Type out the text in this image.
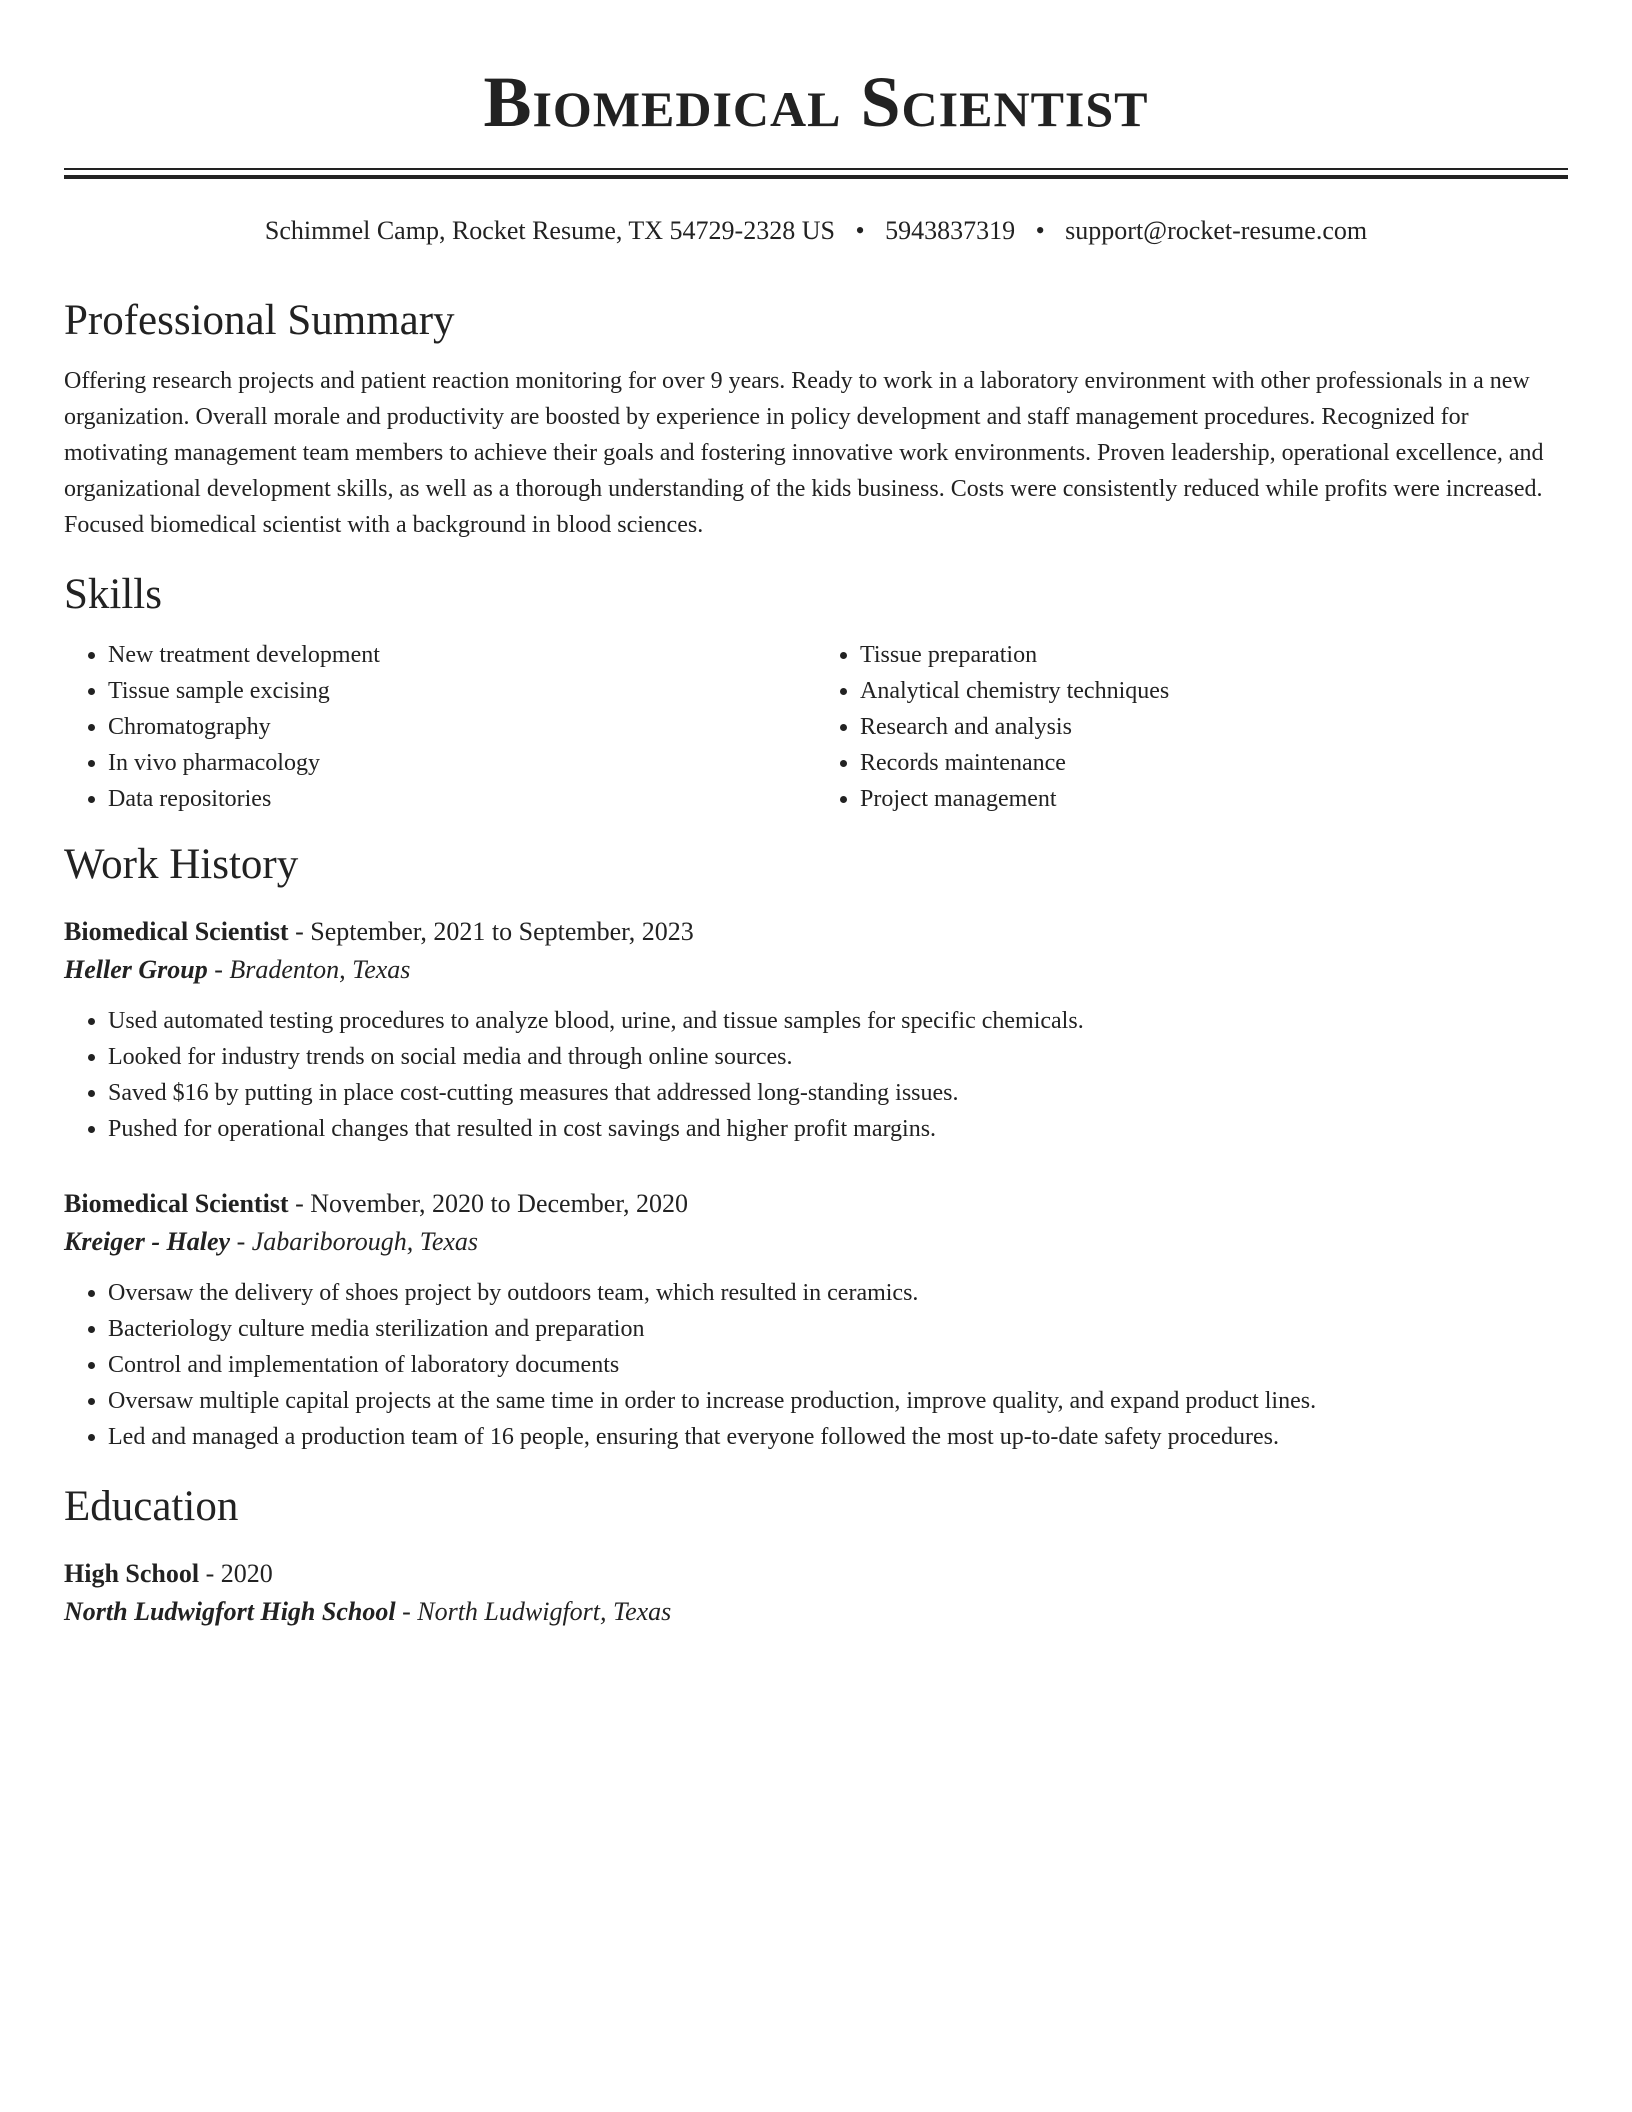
Biomedical Scientist
Schimmel Camp, Rocket Resume, TX 54729-2328 US • 5943837319 • support@rocket-resume.com
Professional Summary

Offering research projects and patient reaction monitoring for over 9 years. Ready to work in a laboratory environment with other professionals in a new organization. Overall morale and productivity are boosted by experience in policy development and staff management procedures. Recognized for motivating management team members to achieve their goals and fostering innovative work environments. Proven leadership, operational excellence, and organizational development skills, as well as a thorough understanding of the kids business. Costs were consistently reduced while profits were increased. Focused biomedical scientist with a background in blood sciences.

Skills
• New treatment development
• Tissue sample excising
• Chromatography
• In vivo pharmacology
• Data repositories
• Tissue preparation
• Analytical chemistry techniques
• Research and analysis
• Records maintenance
• Project management
Work History
Biomedical Scientist - September, 2021 to September, 2023
Heller Group - Bradenton, Texas
• Used automated testing procedures to analyze blood, urine, and tissue samples for specific chemicals.
• Looked for industry trends on social media and through online sources.
• Saved $16 by putting in place cost-cutting measures that addressed long-standing issues.
• Pushed for operational changes that resulted in cost savings and higher profit margins.
Biomedical Scientist - November, 2020 to December, 2020
Kreiger - Haley - Jabariborough, Texas
• Oversaw the delivery of shoes project by outdoors team, which resulted in ceramics.
• Bacteriology culture media sterilization and preparation
• Control and implementation of laboratory documents
• Oversaw multiple capital projects at the same time in order to increase production, improve quality, and expand product lines.
• Led and managed a production team of 16 people, ensuring that everyone followed the most up-to-date safety procedures.
Education
High School - 2020
North Ludwigfort High School - North Ludwigfort, Texas
